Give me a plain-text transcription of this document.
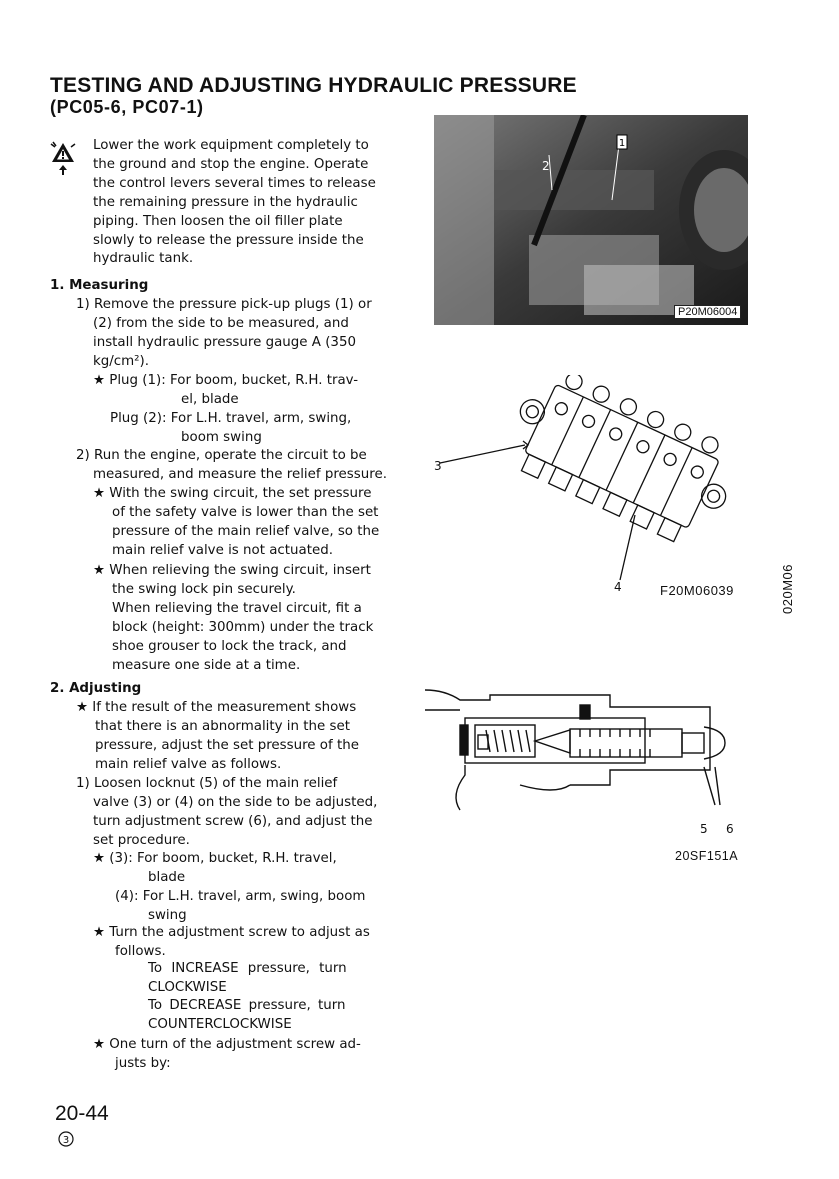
TESTING AND ADJUSTING HYDRAULIC PRESSURE
(PC05-6, PC07-1)
Lower the work equipment completely to
the ground and stop the engine. Operate
the control levers several times to release
the remaining pressure in the hydraulic
piping. Then loosen the oil filler plate
slowly to release the pressure inside the
hydraulic tank.
1. Measuring
1) Remove the pressure pick-up plugs (1) or
(2) from the side to be measured, and
install hydraulic pressure gauge A (350
kg/cm²).
★ Plug (1): For boom, bucket, R.H. trav-
el, blade
Plug (2): For L.H. travel, arm, swing,
boom swing
2) Run the engine, operate the circuit to be
measured, and measure the relief pressure.
★ With the swing circuit, the set pressure
of the safety valve is lower than the set
pressure of the main relief valve, so the
main relief valve is not actuated.
★ When relieving the swing circuit, insert
the swing lock pin securely.
When relieving the travel circuit, fit a
block (height: 300mm) under the track
shoe grouser to lock the track, and
measure one side at a time.
2. Adjusting
★ If the result of the measurement shows
that there is an abnormality in the set
pressure, adjust the set pressure of the
main relief valve as follows.
1) Loosen locknut (5) of the main relief
valve (3) or (4) on the side to be adjusted,
turn adjustment screw (6), and adjust the
set procedure.
★ (3): For boom, bucket, R.H. travel,
blade
(4): For L.H. travel, arm, swing, boom
swing
★ Turn the adjustment screw to adjust as
follows.
To INCREASE pressure, turn
CLOCKWISE
To DECREASE pressure, turn
COUNTERCLOCKWISE
★ One turn of the adjustment screw ad-
justs by:
1
2
P20M06004
3
4	F20M06039	020M06
5 6
20SF151A
20-44
3
